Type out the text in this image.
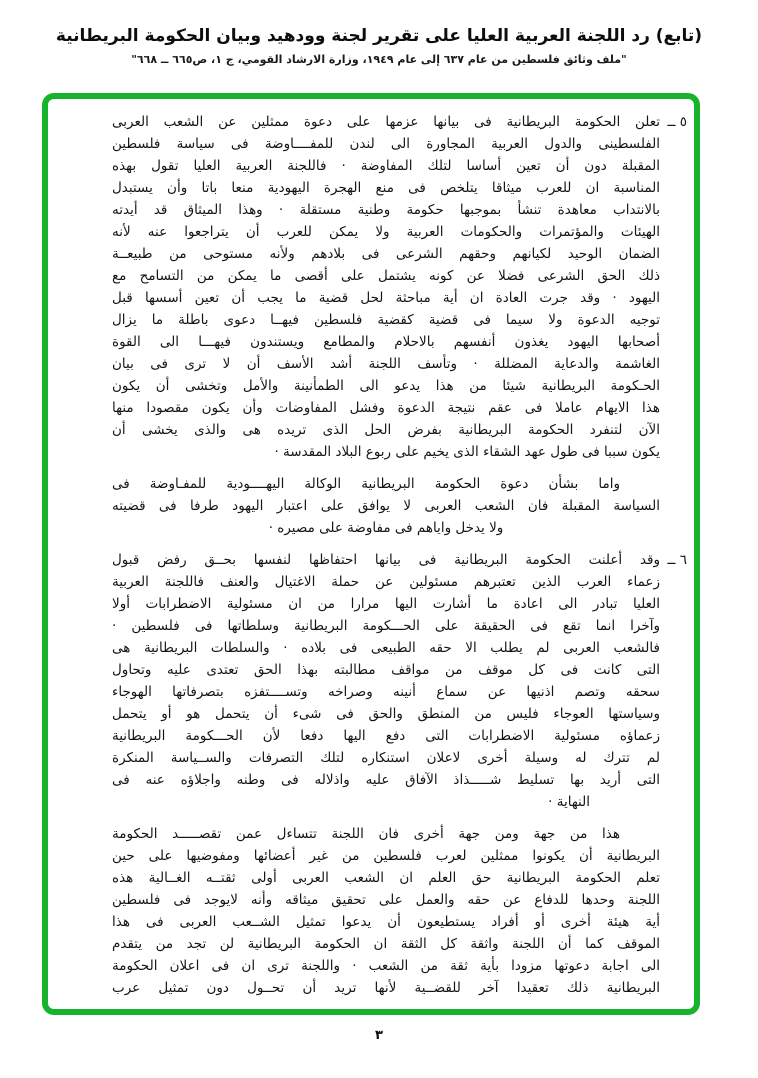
(تابع) رد اللجنة العربية العليا على تقرير لجنة وودهيد وبيان الحكومة البريطانية
"ملف وثائق فلسطين من عام ٦٣٧ إلى عام ١٩٤٩، وزارة الارشاد القومي، ج ١، ص٦٦٥ ــ ٦٦٨"
٥ ــ
تعلن الحكومة البريطانية فى بيانها عزمها على دعوة ممثلين عن الشعب العربى
الفلسطينى والدول العربية المجاورة الى لندن للمفــــاوضة فى سياسة فلسطين
المقبلة دون أن تعين أساسا لتلك المفاوضة · فاللجنة العربية العليا تقول بهذه
المناسبة ان للعرب ميثاقا يتلخص فى منع الهجرة اليهودية منعا باتا وأن يستبدل
بالانتداب معاهدة تنشأ بموجبها حكومة وطنية مستقلة · وهذا الميثاق قد أيدته
الهيئات والمؤتمرات والحكومات العربية ولا يمكن للعرب أن يتراجعوا عنه لأنه
الضمان الوحيد لكيانهم وحقهم الشرعى فى بلادهم ولأنه مستوحى من طبيعــة
ذلك الحق الشرعى فضلا عن كونه يشتمل على أقصى ما يمكن من التسامح مع
اليهود · وقد جرت العادة ان أية مباحثة لحل قضية ما يجب أن تعين أسسها قبل
توجيه الدعوة ولا سيما فى قضية كقضية فلسطين فيهــا دعوى باطلة ما يزال
أصحابها اليهود يغذون أنفسهم بالاحلام والمطامع ويستندون فيهـــا الى القوة
الغاشمة والدعاية المضللة · وتأسف اللجنة أشد الأسف أن لا ترى فى بيان
الحـكومة البريطانية شيئا من هذا يدعو الى الطمأنينة والأمل وتخشى أن يكون
هذا الايهام عاملا فى عقم نتيجة الدعوة وفشل المفاوضات وأن يكون مقصودا منها
الآن لتنفرد الحكومة البريطانية بفرض الحل الذى تريده هى والذى يخشى أن
يكون سببا فى طول عهد الشقاء الذى يخيم على ربوع البلاد المقدسة ·
واما بشأن دعوة الحكومة البريطانية الوكالة اليهــــودية للمفـاوضة فى
السياسة المقبلة فان الشعب العربى لا يوافق على اعتبار اليهود طرفا فى قضيته
ولا يدخل واياهم فى مفاوضة على مصيره ·
٦ ــ
وقد أعلنت الحكومة البريطانية فى بيانها احتفاظها لنفسها بحــق رفض قبول
زعماء العرب الذين تعتبرهم مسئولين عن حملة الاغتيال والعنف فاللجنة العربية
العليا تبادر الى اعادة ما أشارت اليها مرارا من ان مسئولية الاضطرابات أولا
وآخرا انما تقع فى الحقيقة على الحـــكومة البريطانية وسلطاتها فى فلسطين ·
فالشعب العربى لم يطلب الا حقه الطبيعى فى بلاده · والسلطات البريطانية هى
التى كانت فى كل موقف من مواقف مطالبته بهذا الحق تعتدى عليه وتحاول
سحقه وتصم اذنيها عن سماع أنينه وصراخه وتســــتفزه بتصرفاتها الهوجاء
وسياستها العوجاء فليس من المنطق والحق فى شىء أن يتحمل هو أو يتحمل
زعماؤه مسئولية الاضطرابات التى دفع اليها دفعا لأن الحـــكومة البريطانية
لم تترك له وسيلة أخرى لاعلان استنكاره لتلك التصرفات والســياسة المنكرة
التى أريد بها تسليط شـــــذاذ الآفاق عليه واذلاله فى وطنه واجلاؤه عنه فى
النهاية ·
هذا من جهة ومن جهة أخرى فان اللجنة تتساءل عمن تقصـــــد الحكومة
البريطانية أن يكونوا ممثلين لعرب فلسطين من غير أعضائها ومفوضيها على حين
تعلم الحكومة البريطانية حق العلم ان الشعب العربى أولى ثقتــه الغــالية هذه
اللجنة وحدها للدفاع عن حقه والعمل على تحقيق ميثاقه وأنه لايوجد فى فلسطين
أية هيئة أخرى أو أفراد يستطيعون أن يدعوا تمثيل الشــعب العربى فى هذا
الموقف كما أن اللجنة واثقة كل الثقة ان الحكومة البريطانية لن تجد من يتقدم
الى اجابة دعوتها مزودا بأية ثقة من الشعب · واللجنة ترى ان فى اعلان الحكومة
البريطانية ذلك تعقيدا آخر للقضــية لأنها تريد أن تحــول دون تمثيل عرب
٣
